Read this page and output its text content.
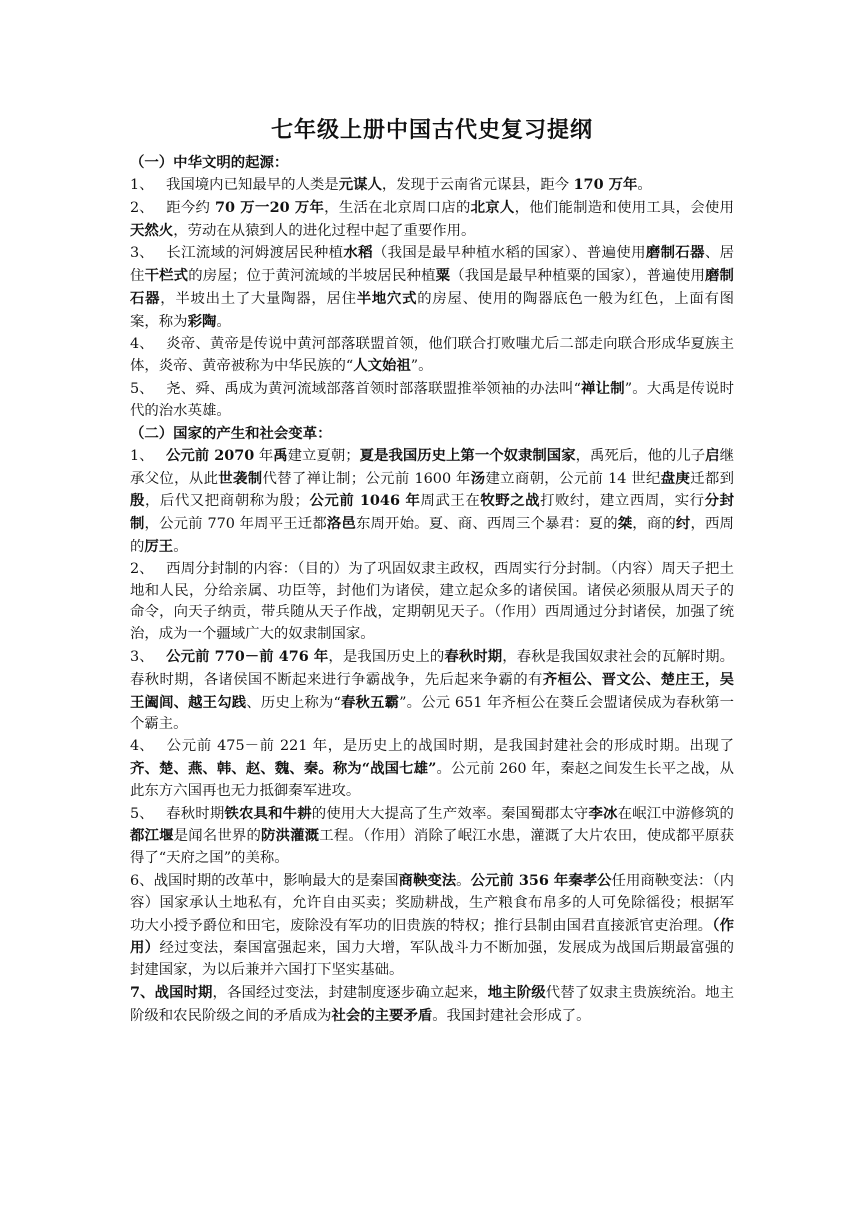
七年级上册中国古代史复习提纲

（一）中华文明的起源：

1、 我国境内已知最早的人类是元谋人，发现于云南省元谋县，距今 170 万年。

2、 距今约 70 万一20 万年，生活在北京周口店的北京人，他们能制造和使用工具，会使用天然火，劳动在从猿到人的进化过程中起了重要作用。

3、 长江流域的河姆渡居民种植水稻（我国是最早种植水稻的国家）、普遍使用磨制石器、居住干栏式的房屋；位于黄河流域的半坡居民种植粟（我国是最早种植粟的国家），普遍使用磨制石器，半坡出土了大量陶器，居住半地穴式的房屋、使用的陶器底色一般为红色，上面有图案，称为彩陶。

4、 炎帝、黄帝是传说中黄河部落联盟首领，他们联合打败嗤尤后二部走向联合形成华夏族主体，炎帝、黄帝被称为中华民族的“人文始祖”。

5、 尧、舜、禹成为黄河流域部落首领时部落联盟推举领袖的办法叫“禅让制”。大禹是传说时代的治水英雄。

（二）国家的产生和社会变革：

1、 公元前 2070 年禹建立夏朝；夏是我国历史上第一个奴隶制国家，禹死后，他的儿子启继承父位，从此世袭制代替了禅让制；公元前 1600 年汤建立商朝，公元前 14 世纪盘庚迁都到殷，后代又把商朝称为殷；公元前 1046 年周武王在牧野之战打败纣，建立西周，实行分封制，公元前 770 年周平王迁都洛邑东周开始。夏、商、西周三个暴君：夏的桀，商的纣，西周的厉王。

2、 西周分封制的内容：（目的）为了巩固奴隶主政权，西周实行分封制。（内容）周天子把土地和人民，分给亲属、功臣等，封他们为诸侯，建立起众多的诸侯国。诸侯必须服从周天子的命令，向天子纳贡，带兵随从天子作战，定期朝见天子。（作用）西周通过分封诸侯，加强了统治，成为一个疆域广大的奴隶制国家。

3、 公元前 770－前 476 年，是我国历史上的春秋时期，春秋是我国奴隶社会的瓦解时期。春秋时期，各诸侯国不断起来进行争霸战争，先后起来争霸的有齐桓公、晋文公、楚庄王，吴王阖闾、越王勾践、历史上称为“春秋五霸”。公元 651 年齐桓公在葵丘会盟诸侯成为春秋第一个霸主。

4、 公元前 475－前 221 年，是历史上的战国时期，是我国封建社会的形成时期。出现了齐、楚、燕、韩、赵、魏、秦。称为“战国七雄”。公元前 260 年，秦赵之间发生长平之战，从此东方六国再也无力抵御秦军进攻。

5、 春秋时期铁农具和牛耕的使用大大提高了生产效率。秦国蜀郡太守李冰在岷江中游修筑的都江堰是闻名世界的防洪灌溉工程。（作用）消除了岷江水患，灌溉了大片农田，使成都平原获得了“天府之国”的美称。

6、战国时期的改革中，影响最大的是秦国商鞅变法。公元前 356 年秦孝公任用商鞅变法：（内容）国家承认土地私有，允许自由买卖；奖励耕战，生产粮食布帛多的人可免除徭役；根据军功大小授予爵位和田宅，废除没有军功的旧贵族的特权；推行县制由国君直接派官吏治理。（作用）经过变法，秦国富强起来，国力大增，军队战斗力不断加强，发展成为战国后期最富强的封建国家，为以后兼并六国打下坚实基础。

7、战国时期，各国经过变法，封建制度逐步确立起来，地主阶级代替了奴隶主贵族统治。地主阶级和农民阶级之间的矛盾成为社会的主要矛盾。我国封建社会形成了。
